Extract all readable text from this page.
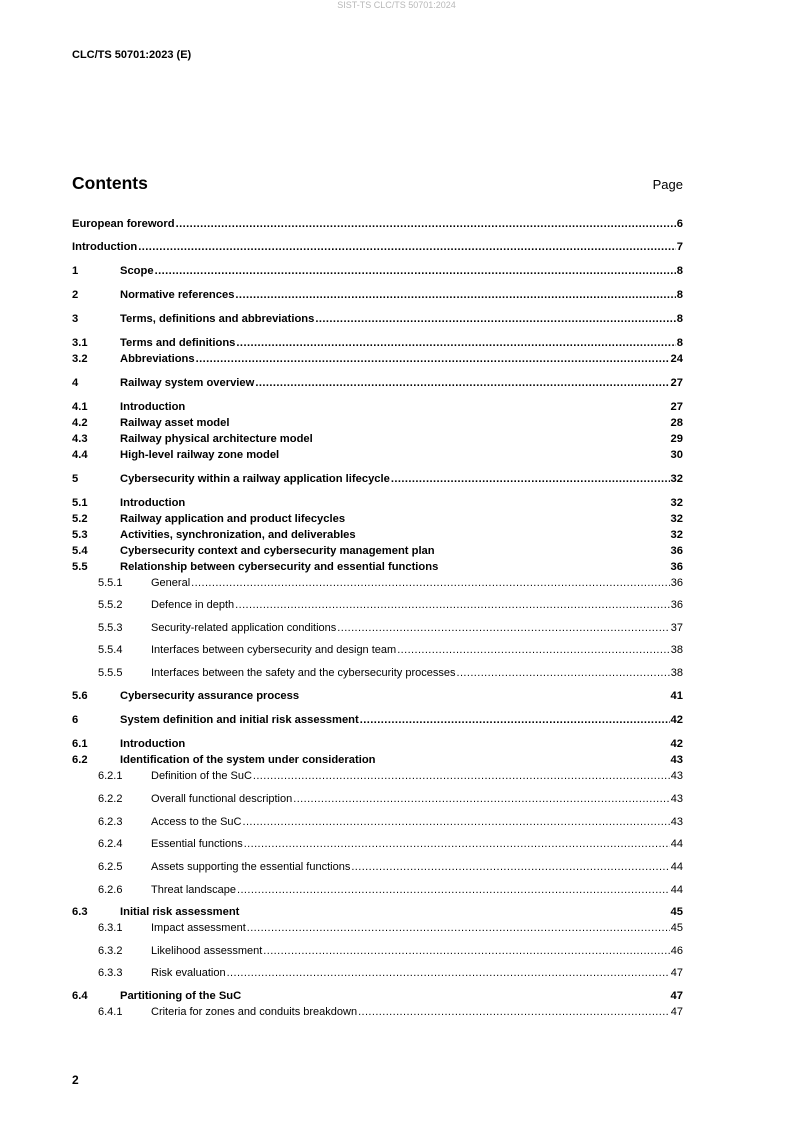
SIST-TS CLC/TS 50701:2024
CLC/TS 50701:2023 (E)
Contents	Page
European foreword .....	6
Introduction .....	7
1	Scope .....	8
2	Normative references .....	8
3	Terms, definitions and abbreviations .....	8
3.1	Terms and definitions .....	8
3.2	Abbreviations .....	24
4	Railway system overview .....	27
4.1	Introduction	27
4.2	Railway asset model	28
4.3	Railway physical architecture model	29
4.4	High-level railway zone model	30
5	Cybersecurity within a railway application lifecycle .....	32
5.1	Introduction	32
5.2	Railway application and product lifecycles	32
5.3	Activities, synchronization, and deliverables	32
5.4	Cybersecurity context and cybersecurity management plan	36
5.5	Relationship between cybersecurity and essential functions	36
5.5.1	General .....	36
5.5.2	Defence in depth .....	36
5.5.3	Security-related application conditions .....	37
5.5.4	Interfaces between cybersecurity and design team .....	38
5.5.5	Interfaces between the safety and the cybersecurity processes .....	38
5.6	Cybersecurity assurance process	41
6	System definition and initial risk assessment .....	42
6.1	Introduction	42
6.2	Identification of the system under consideration	43
6.2.1	Definition of the SuC .....	43
6.2.2	Overall functional description .....	43
6.2.3	Access to the SuC .....	43
6.2.4	Essential functions .....	44
6.2.5	Assets supporting the essential functions .....	44
6.2.6	Threat landscape .....	44
6.3	Initial risk assessment	45
6.3.1	Impact assessment .....	45
6.3.2	Likelihood assessment .....	46
6.3.3	Risk evaluation .....	47
6.4	Partitioning of the SuC	47
6.4.1	Criteria for zones and conduits breakdown .....	47
2
